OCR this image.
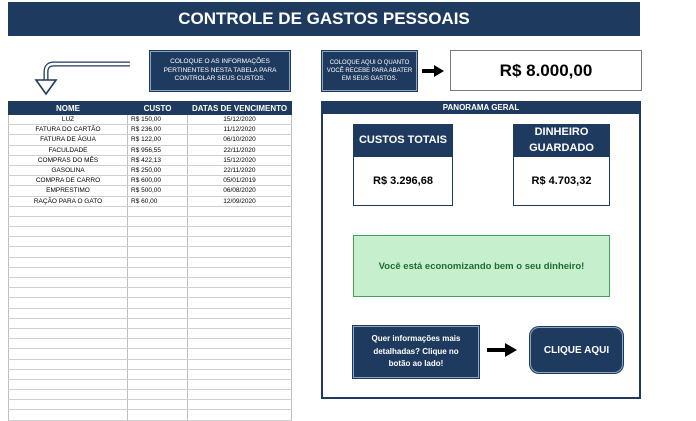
CONTROLE DE GASTOS PESSOAIS
COLOQUE O AS INFORMAÇÕES PERTINENTES NESTA TABELA PARA CONTROLAR SEUS CUSTOS.
COLOQUE AQUI O QUANTO VOCÊ RECEBE PARA ABATER EM SEUS GASTOS.	R$ 8.000,00
NOME	CUSTO	DATAS DE VENCIMENTO
LUZ	R$ 150,00	15/12/2020
FATURA DO CARTÃO	R$ 236,00	11/12/2020
FATURA DE ÁGUA	R$ 122,00	06/10/2020
FACULDADE	R$ 956,55	22/11/2020
COMPRAS DO MÊS	R$ 422,13	15/12/2020
GASOLINA	R$ 250,00	22/11/2020
COMPRA DE CARRO	R$ 600,00	05/01/2019
EMPRESTIMO	R$ 500,00	06/08/2020
RAÇÃO PARA O GATO	R$ 60,00	12/09/2020

PANORAMA GERAL
CUSTOS TOTAIS
R$ 3.296,68
DINHEIRO GUARDADO
R$ 4.703,32
Você está economizando bem o seu dinheiro!
Quer informações mais detalhadas? Clique no botão ao lado!
CLIQUE AQUI
